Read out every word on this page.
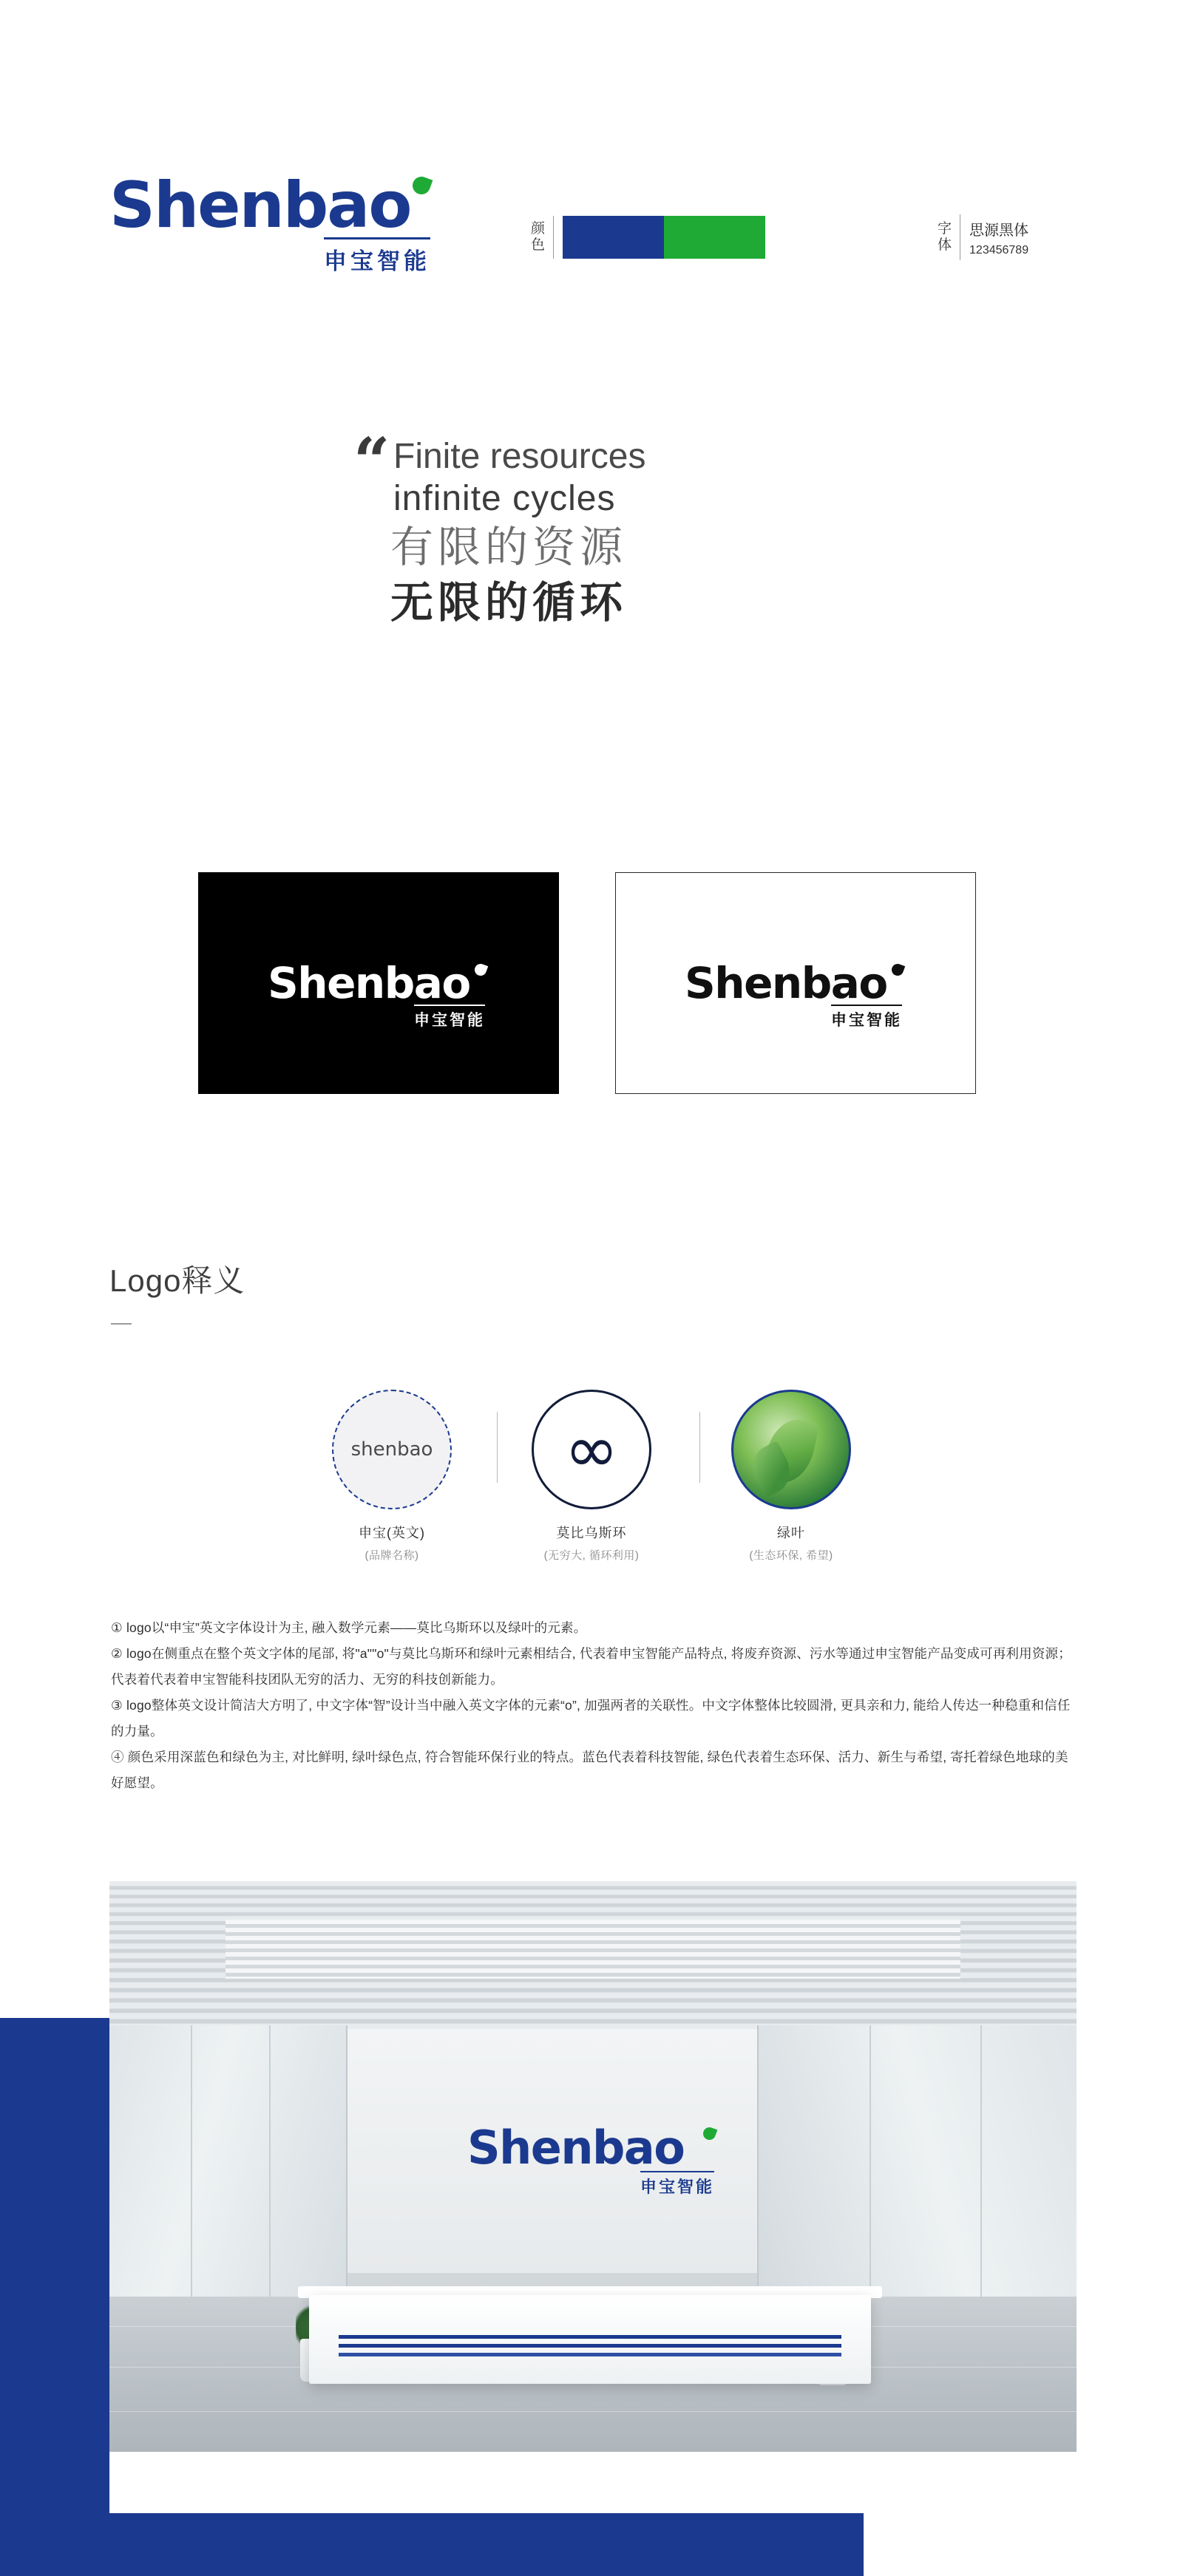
Shenbao
申宝智能
颜
色
字
体
思源黑体
123456789
“ Finite resources
infinite cycles
有限的资源
无限的循环
Shenbao
申宝智能
Shenbao
申宝智能
Logo释义
shenbao
申宝(英文)
(品牌名称)
∞
莫比乌斯环
(无穷大, 循环利用)
绿叶
(生态环保, 希望)

① logo以“申宝”英文字体设计为主, 融入数学元素——莫比乌斯环以及绿叶的元素。

② logo在侧重点在整个英文字体的尾部, 将"a""o"与莫比乌斯环和绿叶元素相结合, 代表着申宝智能产品特点, 将废弃资源、污水等通过申宝智能产品变成可再利用资源；代表着代表着申宝智能科技团队无穷的活力、无穷的科技创新能力。

③ logo整体英文设计简洁大方明了, 中文字体“智”设计当中融入英文字体的元素“o”, 加强两者的关联性。中文字体整体比较圆滑, 更具亲和力, 能给人传达一种稳重和信任的力量。

④ 颜色采用深蓝色和绿色为主, 对比鲜明, 绿叶绿色点, 符合智能环保行业的特点。蓝色代表着科技智能, 绿色代表着生态环保、活力、新生与希望, 寄托着绿色地球的美好愿望。

Shenbao
申宝智能
